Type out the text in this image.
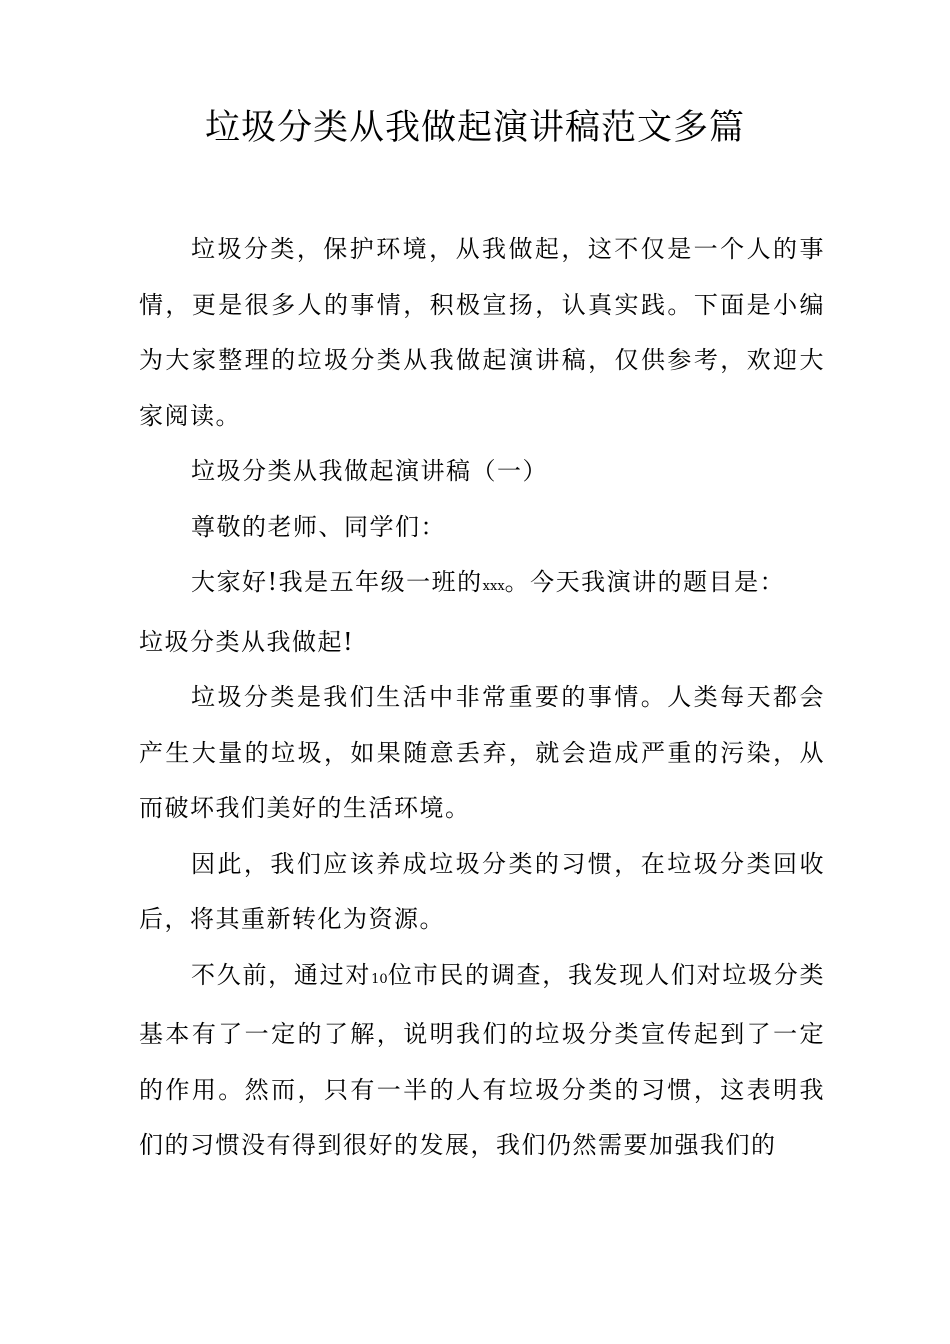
垃圾分类从我做起演讲稿范文多篇

垃圾分类，保护环境，从我做起，这不仅是一个人的事情，更是很多人的事情，积极宣扬，认真实践。下面是小编为大家整理的垃圾分类从我做起演讲稿，仅供参考，欢迎大家阅读。

垃圾分类从我做起演讲稿（一）

尊敬的老师、同学们：

大家好!我是五年级一班的xxx。今天我演讲的题目是：

垃圾分类从我做起!

垃圾分类是我们生活中非常重要的事情。人类每天都会产生大量的垃圾，如果随意丢弃，就会造成严重的污染，从而破坏我们美好的生活环境。

因此，我们应该养成垃圾分类的习惯，在垃圾分类回收后，将其重新转化为资源。

不久前，通过对10位市民的调查，我发现人们对垃圾分类基本有了一定的了解，说明我们的垃圾分类宣传起到了一定的作用。然而，只有一半的人有垃圾分类的习惯，这表明我们的习惯没有得到很好的发展，我们仍然需要加强我们的
